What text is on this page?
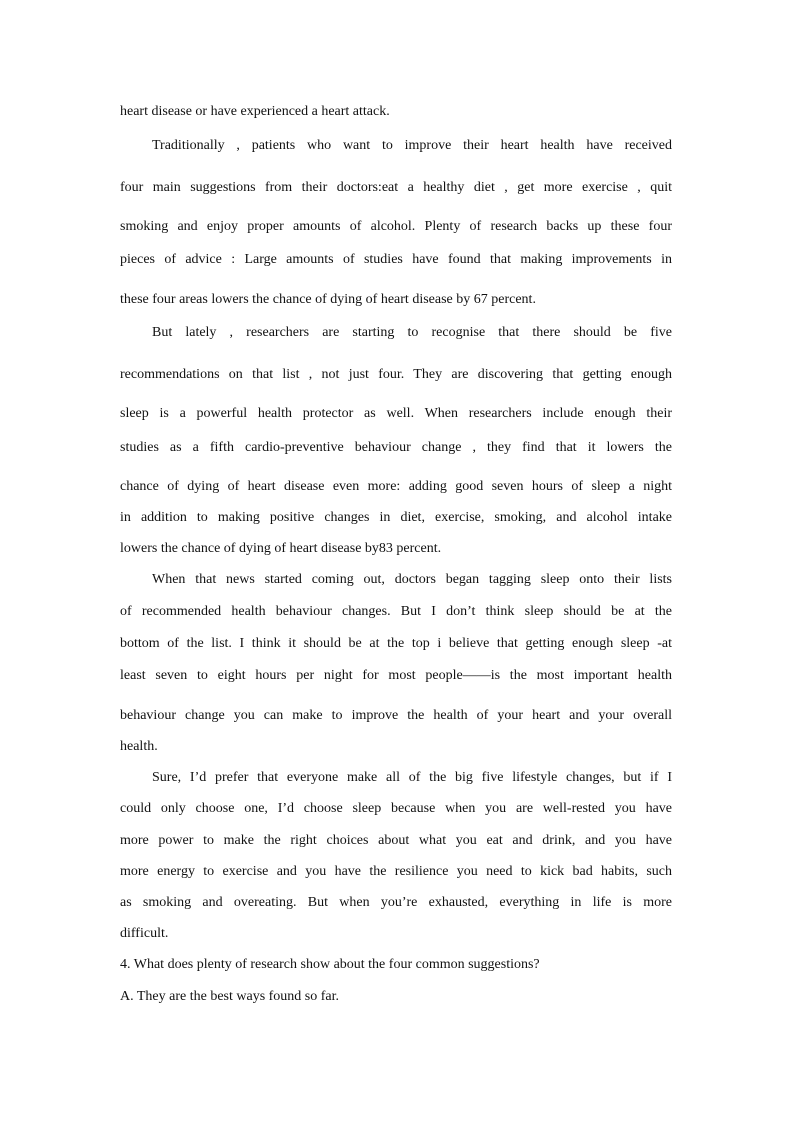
heart disease or have experienced a heart attack.
Traditionally , patients who want to improve their heart health have received
four main suggestions from their doctors:eat a healthy diet , get more exercise , quit
smoking and enjoy proper amounts of alcohol. Plenty of research backs up these four
pieces of advice : Large amounts of studies have found that making improvements in
these four areas lowers the chance of dying of heart disease by 67 percent.
But lately , researchers are starting to recognise that there should be five
recommendations on that list , not just four. They are discovering that getting enough
sleep is a powerful health protector as well. When researchers include enough their
studies as a fifth cardio-preventive behaviour change , they find that it lowers the
chance of dying of heart disease even more: adding good seven hours of sleep a night
in addition to making positive changes in diet, exercise, smoking, and alcohol intake
lowers the chance of dying of heart disease by83 percent.
When that news started coming out, doctors began tagging sleep onto their lists
of recommended health behaviour changes. But I don’t think sleep should be at the
bottom of the list. I think it should be at the top i believe that getting enough sleep -at
least seven to eight hours per night for most people——is the most important health
behaviour change you can make to improve the health of your heart and your overall
health.
Sure, I’d prefer that everyone make all of the big five lifestyle changes, but if I
could only choose one, I’d choose sleep because when you are well-rested you have
more power to make the right choices about what you eat and drink, and you have
more energy to exercise and you have the resilience you need to kick bad habits, such
as smoking and overeating. But when you’re exhausted, everything in life is more
difficult.
4. What does plenty of research show about the four common suggestions?
A. They are the best ways found so far.
